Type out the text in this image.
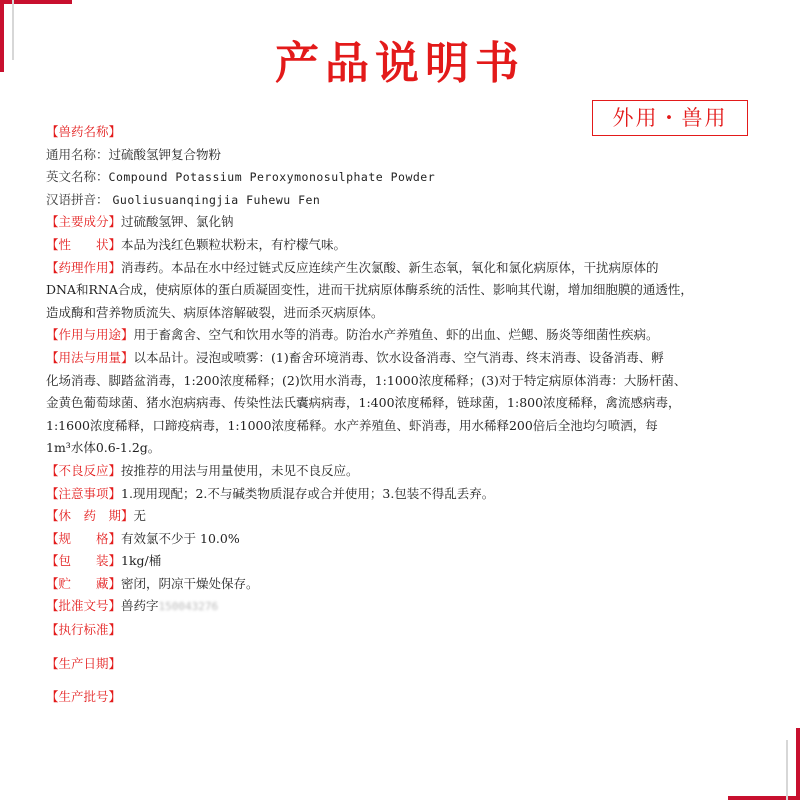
产品说明书
外用・兽用
【兽药名称】
通用名称：过硫酸氢钾复合物粉
英文名称：Compound Potassium Peroxymonosulphate Powder
汉语拼音： Guoliusuanqingjia Fuhewu Fen
【主要成分】过硫酸氢钾、氯化钠
【性　　状】本品为浅红色颗粒状粉末，有柠檬气味。
【药理作用】消毒药。本品在水中经过链式反应连续产生次氯酸、新生态氧，氧化和氯化病原体，干扰病原体的
DNA和RNA合成，使病原体的蛋白质凝固变性，进而干扰病原体酶系统的活性、影响其代谢，增加细胞膜的通透性，
造成酶和营养物质流失、病原体溶解破裂，进而杀灭病原体。
【作用与用途】用于畜禽舍、空气和饮用水等的消毒。防治水产养殖鱼、虾的出血、烂鳃、肠炎等细菌性疾病。
【用法与用量】以本品计。浸泡或喷雾：(1)畜舍环境消毒、饮水设备消毒、空气消毒、终末消毒、设备消毒、孵
化场消毒、脚踏盆消毒，1:200浓度稀释；(2)饮用水消毒，1:1000浓度稀释；(3)对于特定病原体消毒：大肠杆菌、
金黄色葡萄球菌、猪水泡病病毒、传染性法氏囊病病毒，1:400浓度稀释，链球菌，1:800浓度稀释，禽流感病毒，
1:1600浓度稀释，口蹄疫病毒，1:1000浓度稀释。水产养殖鱼、虾消毒，用水稀释200倍后全池均匀喷洒，每
1m³水体0.6-1.2g。
【不良反应】按推荐的用法与用量使用，未见不良反应。
【注意事项】1.现用现配；2.不与碱类物质混存或合并使用；3.包装不得乱丢弃。
【休　药　期】无
【规　　格】有效氯不少于 10.0%
【包　　装】1kg/桶
【贮　　藏】密闭，阴凉干燥处保存。
【批准文号】兽药字150043276
【执行标准】
【生产日期】
【生产批号】
